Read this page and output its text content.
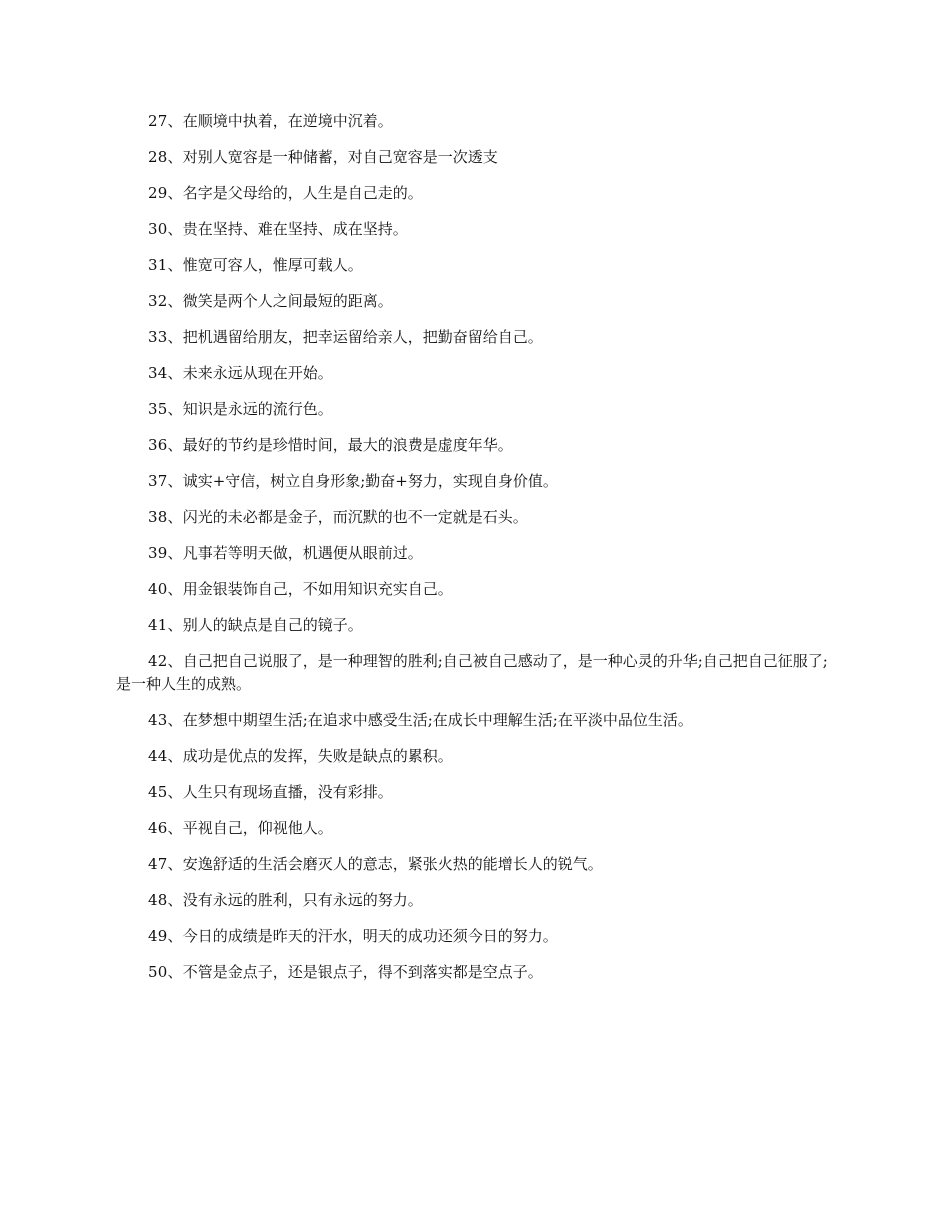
27、在顺境中执着，在逆境中沉着。

28、对别人宽容是一种储蓄，对自己宽容是一次透支

29、名字是父母给的，人生是自己走的。

30、贵在坚持、难在坚持、成在坚持。

31、惟宽可容人，惟厚可载人。

32、微笑是两个人之间最短的距离。

33、把机遇留给朋友，把幸运留给亲人，把勤奋留给自己。

34、未来永远从现在开始。

35、知识是永远的流行色。

36、最好的节约是珍惜时间，最大的浪费是虚度年华。

37、诚实+守信，树立自身形象;勤奋+努力，实现自身价值。

38、闪光的未必都是金子，而沉默的也不一定就是石头。

39、凡事若等明天做，机遇便从眼前过。

40、用金银装饰自己，不如用知识充实自己。

41、别人的缺点是自己的镜子。

42、自己把自己说服了，是一种理智的胜利;自己被自己感动了，是一种心灵的升华;自己把自己征服了;是一种人生的成熟。

43、在梦想中期望生活;在追求中感受生活;在成长中理解生活;在平淡中品位生活。

44、成功是优点的发挥，失败是缺点的累积。

45、人生只有现场直播，没有彩排。

46、平视自己，仰视他人。

47、安逸舒适的生活会磨灭人的意志，紧张火热的能增长人的锐气。

48、没有永远的胜利，只有永远的努力。

49、今日的成绩是昨天的汗水，明天的成功还须今日的努力。

50、不管是金点子，还是银点子，得不到落实都是空点子。
